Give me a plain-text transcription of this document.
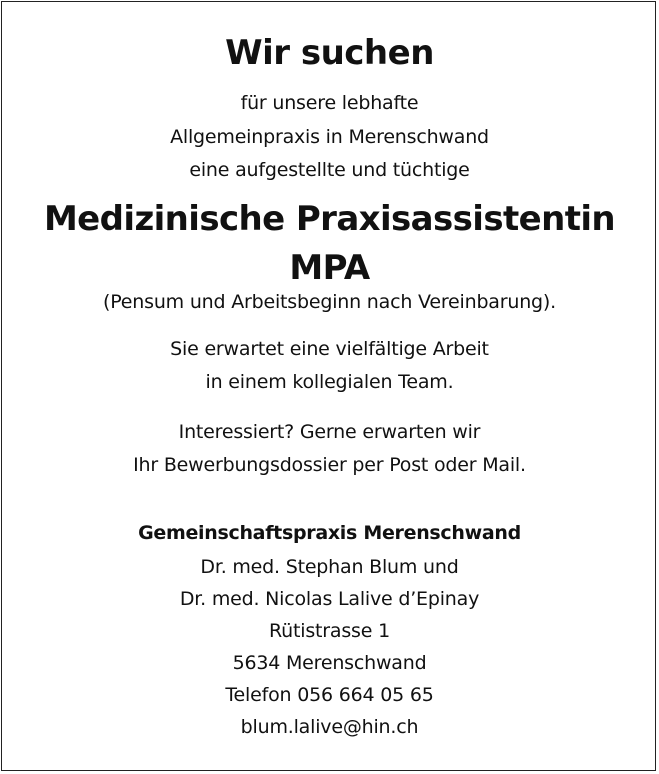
Wir suchen
für unsere lebhafte
Allgemeinpraxis in Merenschwand
eine aufgestellte und tüchtige
Medizinische Praxisassistentin
MPA
(Pensum und Arbeitsbeginn nach Vereinbarung).
Sie erwartet eine vielfältige Arbeit
in einem kollegialen Team.
Interessiert? Gerne erwarten wir
Ihr Bewerbungsdossier per Post oder Mail.
Gemeinschaftspraxis Merenschwand
Dr. med. Stephan Blum und
Dr. med. Nicolas Lalive d’Epinay
Rütistrasse 1
5634 Merenschwand
Telefon 056 664 05 65
blum.lalive@hin.ch
